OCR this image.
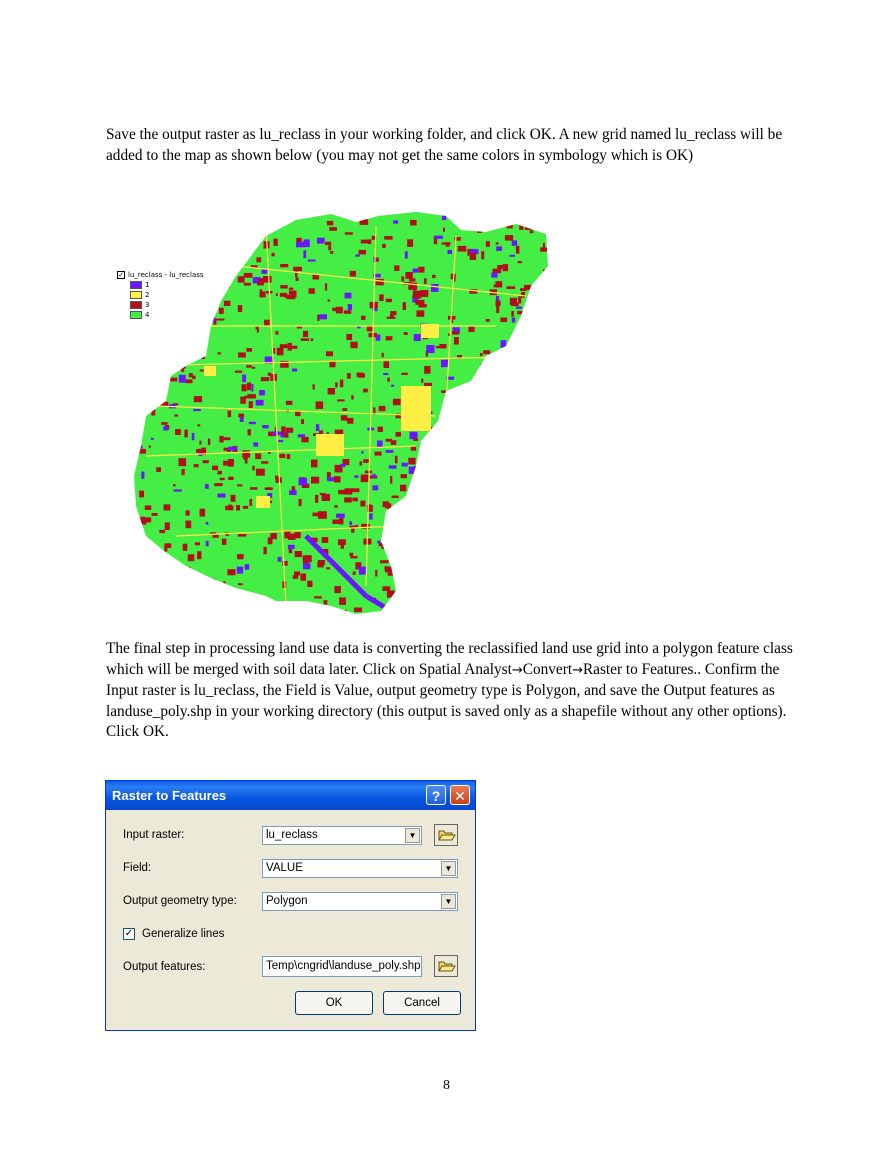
Save the output raster as lu_reclass in your working folder, and click OK. A new grid named lu_reclass will be added to the map as shown below (you may not get the same colors in symbology which is OK)

✓ lu_reclass - lu_reclass
1
2
3
4

The final step in processing land use data is converting the reclassified land use grid into a polygon feature class which will be merged with soil data later. Click on Spatial Analyst→Convert→Raster to Features.. Confirm the Input raster is lu_reclass, the Field is Value, output geometry type is Polygon, and save the Output features as landuse_poly.shp in your working directory (this output is saved only as a shapefile without any other options). Click OK.

Raster to Features	? ✕
Input raster:	lu_reclass	▼
Field:	VALUE	▼
Output geometry type:	Polygon	▼
✓ Generalize lines
Output features:	Temp\cngrid\landuse_poly.shp
OK	Cancel
8
